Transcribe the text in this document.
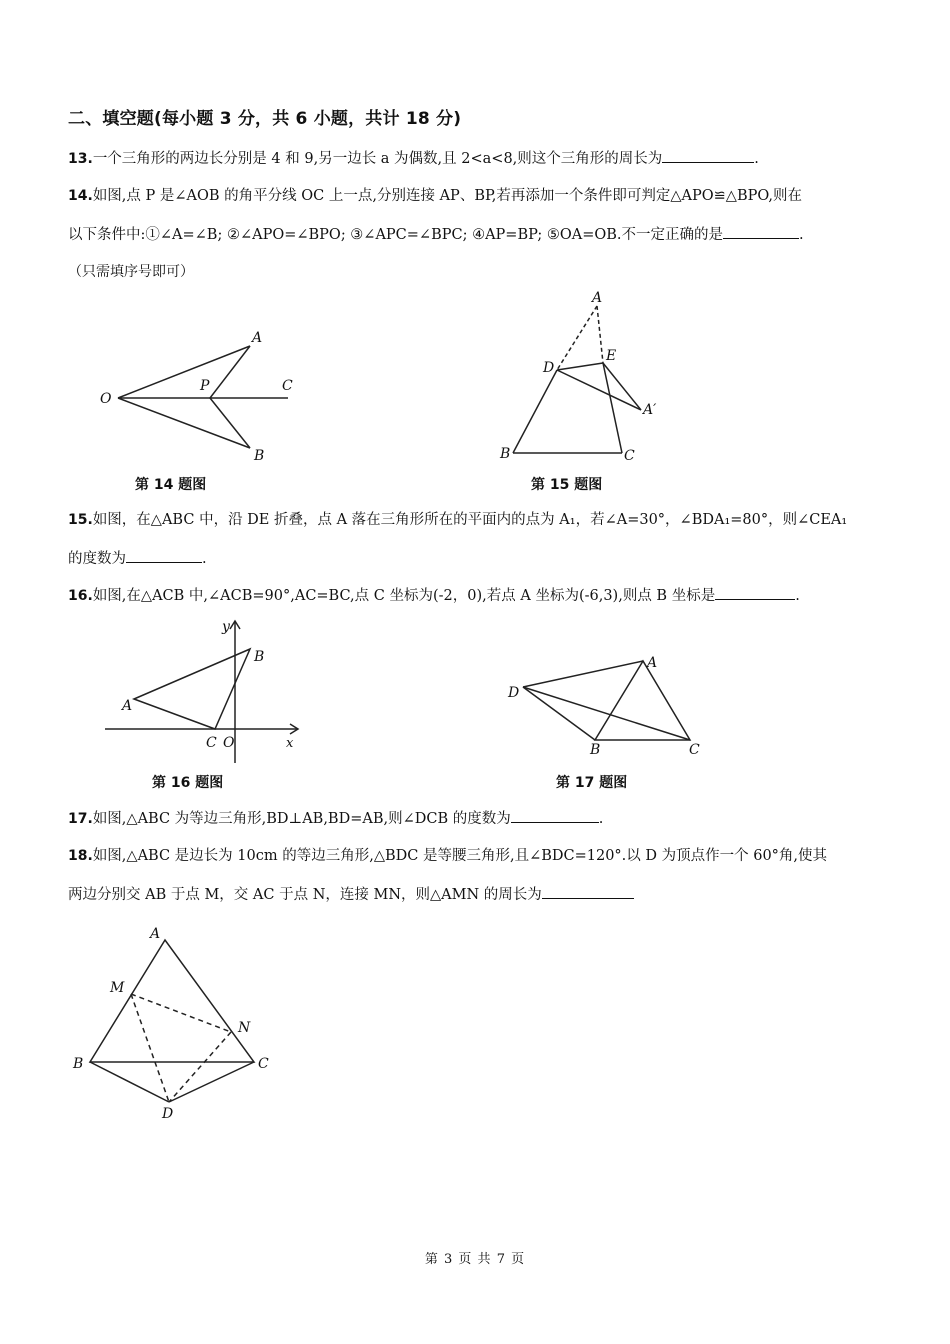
二、填空题(每小题 3 分，共 6 小题，共计 18 分)
13.一个三角形的两边长分别是 4 和 9,另一边长 a 为偶数,且 2<a<8,则这个三角形的周长为	.
14.如图,点 P 是∠AOB 的角平分线 OC 上一点,分别连接 AP、BP,若再添加一个条件即可判定△APO≌△BPO,则在
以下条件中:①∠A=∠B; ②∠APO=∠BPO; ③∠APC=∠BPC; ④AP=BP; ⑤OA=OB.不一定正确的是	.
（只需填序号即可）
O
A
P	C
B
第 14 题图
A
D
E
A′
B	C
第 15 题图
15.如图，在△ABC 中，沿 DE 折叠，点 A 落在三角形所在的平面内的点为 A₁，若∠A=30°，∠BDA₁=80°，则∠CEA₁
的度数为	.
16.如图,在△ACB 中,∠ACB=90°,AC=BC,点 C 坐标为(-2，0),若点 A 坐标为(-6,3),则点 B 坐标是	.
y
x
A
B
C O
第 16 题图
A
D
B	C
第 17 题图
17.如图,△ABC 为等边三角形,BD⊥AB,BD=AB,则∠DCB 的度数为	.
18.如图,△ABC 是边长为 10cm 的等边三角形,△BDC 是等腰三角形,且∠BDC=120°.以 D 为顶点作一个 60°角,使其
两边分别交 AB 于点 M，交 AC 于点 N，连接 MN，则△AMN 的周长为
A
M
N
B	C
D
第 3 页 共 7 页
